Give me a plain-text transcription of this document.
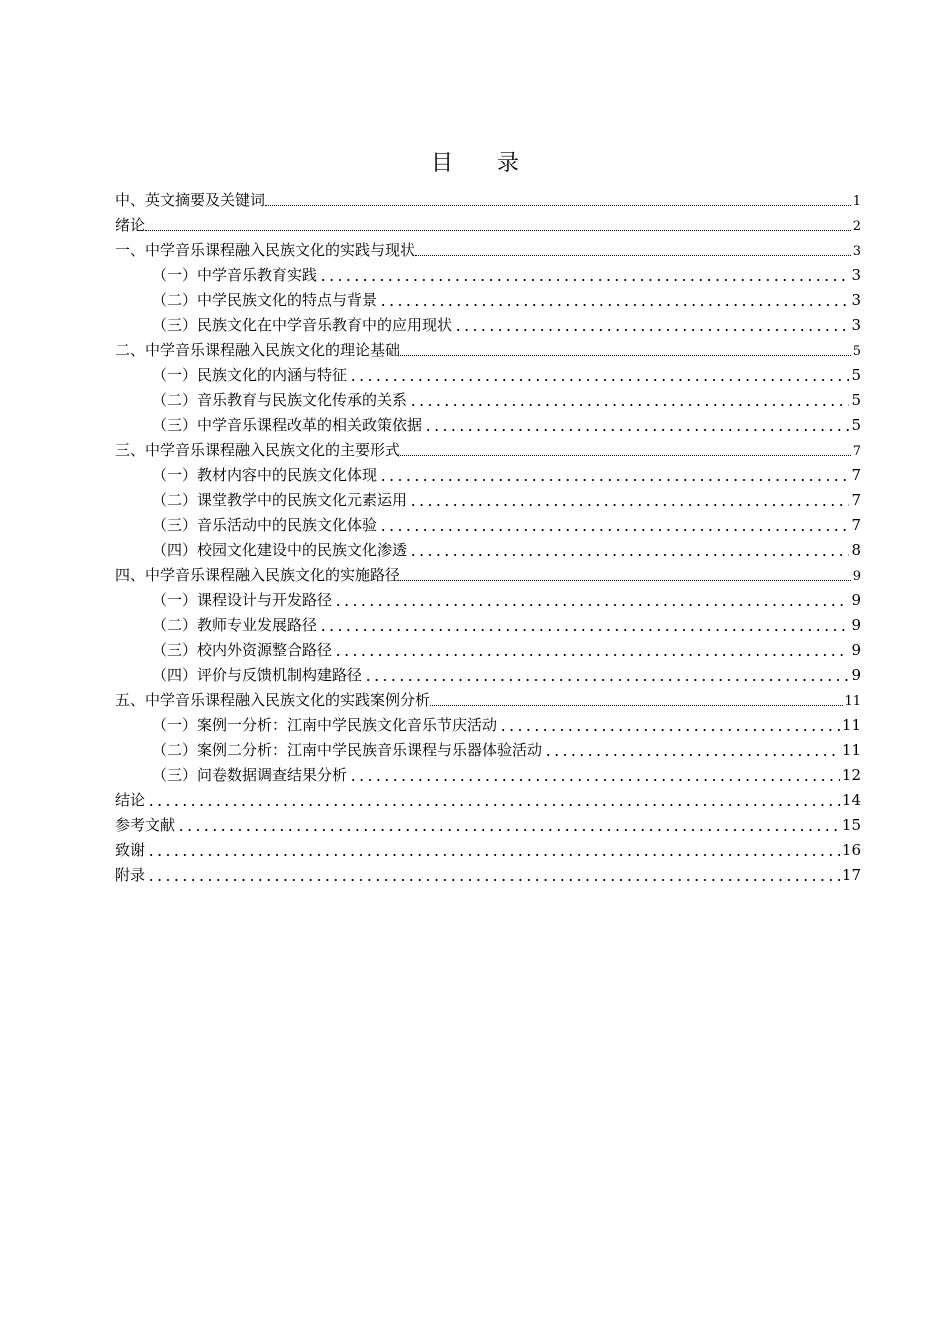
目 录
中、英文摘要及关键词	1
绪论	2
一、中学音乐课程融入民族文化的实践与现状	3
（一）中学音乐教育实践	3
（二）中学民族文化的特点与背景	3
（三）民族文化在中学音乐教育中的应用现状	3
二、中学音乐课程融入民族文化的理论基础	5
（一）民族文化的内涵与特征	5
（二）音乐教育与民族文化传承的关系	5
（三）中学音乐课程改革的相关政策依据	5
三、中学音乐课程融入民族文化的主要形式	7
（一）教材内容中的民族文化体现	7
（二）课堂教学中的民族文化元素运用	7
（三）音乐活动中的民族文化体验	7
（四）校园文化建设中的民族文化渗透	8
四、中学音乐课程融入民族文化的实施路径	9
（一）课程设计与开发路径	9
（二）教师专业发展路径	9
（三）校内外资源整合路径	9
（四）评价与反馈机制构建路径	9
五、中学音乐课程融入民族文化的实践案例分析	11
（一）案例一分析：江南中学民族文化音乐节庆活动	11
（二）案例二分析：江南中学民族音乐课程与乐器体验活动	11
（三）问卷数据调查结果分析	12
结论	14
参考文献	15
致谢	16
附录	17
